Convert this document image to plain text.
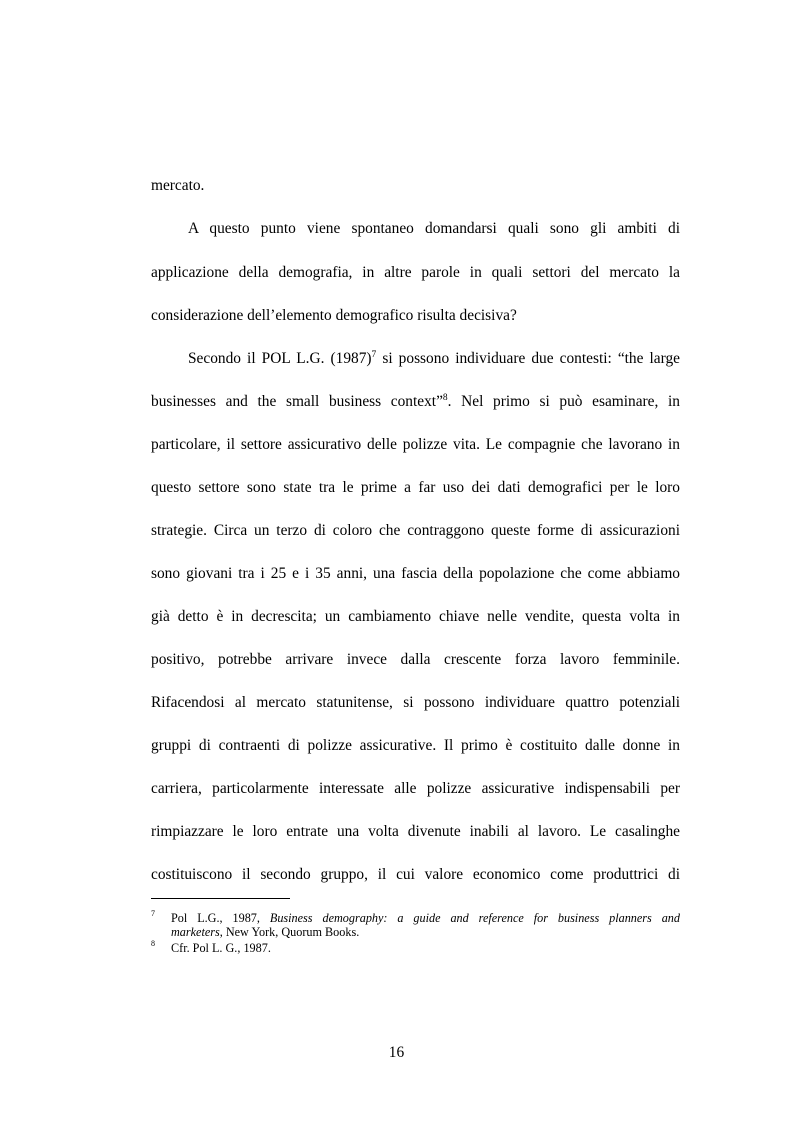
mercato.
A questo punto viene spontaneo domandarsi quali sono gli ambiti di
applicazione della demografia, in altre parole in quali settori del mercato la
considerazione dell’elemento demografico risulta decisiva?
Secondo il POL L.G. $(1987)^7$ si possono individuare due contesti: “the large
businesses and the small business context”$^8$. Nel primo si può esaminare, in
particolare, il settore assicurativo delle polizze vita. Le compagnie che lavorano in
questo settore sono state tra le prime a far uso dei dati demografici per le loro
strategie. Circa un terzo di coloro che contraggono queste forme di assicurazioni
sono giovani tra i 25 e i 35 anni, una fascia della popolazione che come abbiamo
già detto è in decrescita; un cambiamento chiave nelle vendite, questa volta in
positivo, potrebbe arrivare invece dalla crescente forza lavoro femminile.
Rifacendosi al mercato statunitense, si possono individuare quattro potenziali
gruppi di contraenti di polizze assicurative. Il primo è costituito dalle donne in
carriera, particolarmente interessate alle polizze assicurative indispensabili per
rimpiazzare le loro entrate una volta divenute inabili al lavoro. Le casalinghe
costituiscono il secondo gruppo, il cui valore economico come produttrici di
7 Pol L.G., 1987, Business demography: a guide and reference for business planners and
marketers, New York, Quorum Books.
8 Cfr. Pol L. G., 1987.
16
